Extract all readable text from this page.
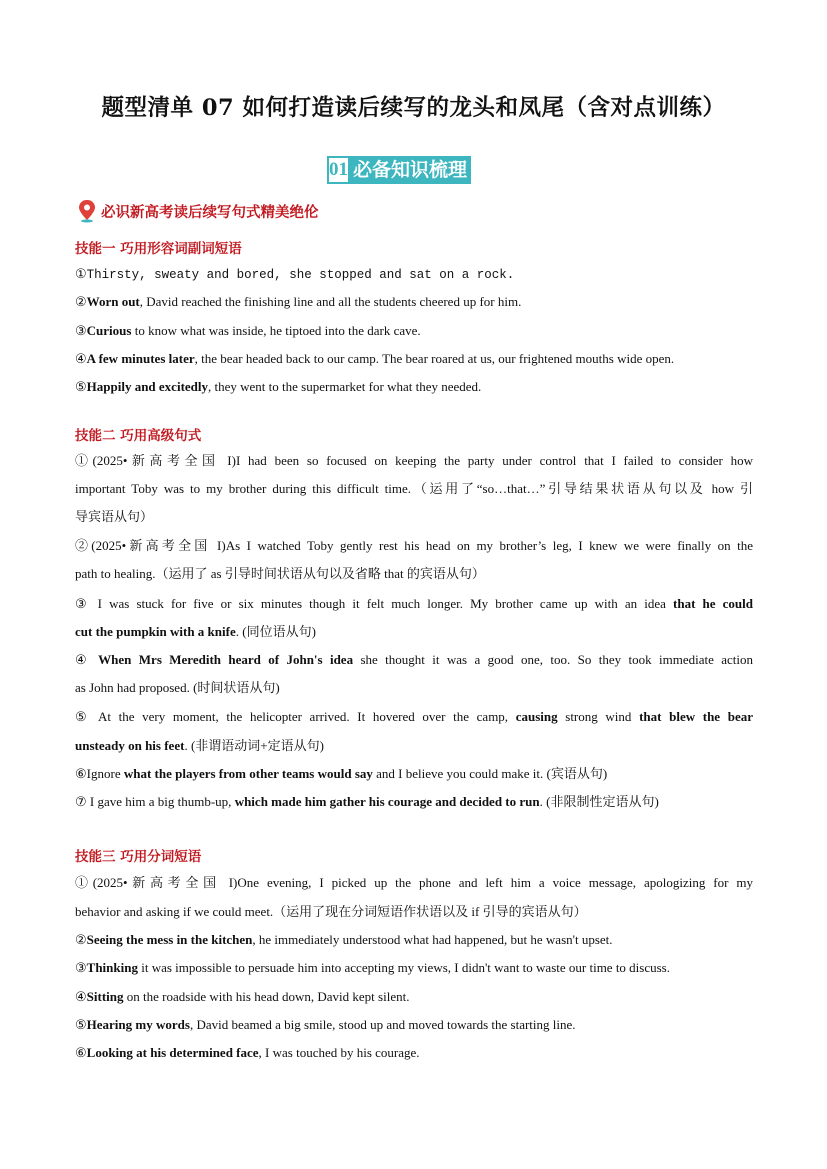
题型清单 07 如何打造读后续写的龙头和凤尾（含对点训练）
01 必备知识梳理
必识新高考读后续写句式精美绝伦
技能一 巧用形容词副词短语
①Thirsty, sweaty and bored, she stopped and sat on a rock.
②Worn out, David reached the finishing line and all the students cheered up for him.
③Curious to know what was inside, he tiptoed into the dark cave.
④A few minutes later, the bear headed back to our camp. The bear roared at us, our frightened mouths wide open.
⑤Happily and excitedly, they went to the supermarket for what they needed.
技能二 巧用高级句式
①(2025•新高考全国 I)I had been so focused on keeping the party under control that I failed to consider how
important Toby was to my brother during this difficult time.（运用了“so…that…”引导结果状语从句以及 how 引
导宾语从句）
②(2025•新高考全国 I)As I watched Toby gently rest his head on my brother’s leg, I knew we were finally on the
path to healing.（运用了 as 引导时间状语从句以及省略 that 的宾语从句）
③ I was stuck for five or six minutes though it felt much longer. My brother came up with an idea that he could
cut the pumpkin with a knife. (同位语从句)
④ When Mrs Meredith heard of John's idea she thought it was a good one, too. So they took immediate action
as John had proposed. (时间状语从句)
⑤ At the very moment, the helicopter arrived. It hovered over the camp, causing strong wind that blew the bear
unsteady on his feet. (非谓语动词+定语从句)
⑥Ignore what the players from other teams would say and I believe you could make it. (宾语从句)
⑦ I gave him a big thumb-up, which made him gather his courage and decided to run. (非限制性定语从句)
技能三 巧用分词短语
①(2025•新高考全国 I)One evening, I picked up the phone and left him a voice message, apologizing for my
behavior and asking if we could meet.（运用了现在分词短语作状语以及 if 引导的宾语从句）
②Seeing the mess in the kitchen, he immediately understood what had happened, but he wasn't upset.
③Thinking it was impossible to persuade him into accepting my views, I didn't want to waste our time to discuss.
④Sitting on the roadside with his head down, David kept silent.
⑤Hearing my words, David beamed a big smile, stood up and moved towards the starting line.
⑥Looking at his determined face, I was touched by his courage.
